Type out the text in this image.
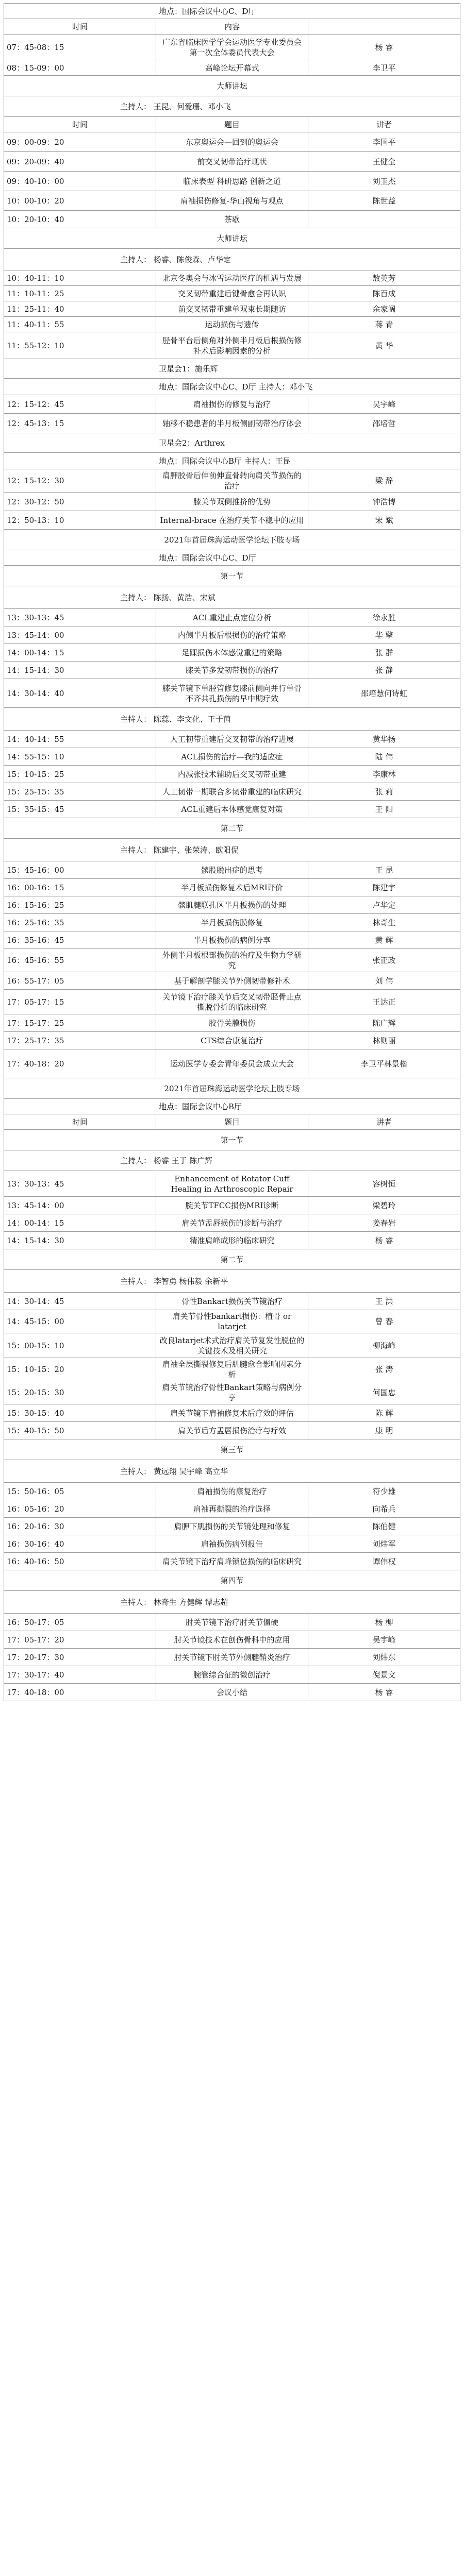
地点：国际会议中心C、D厅		
时间	内容	
07：45-08：15	广东省临床医学学会运动医学专业委员会第一次全体委员代表大会	杨 睿
08：15-09：00	高峰论坛开幕式	李卫平
大师讲坛		
主持人： 王昆、何爱珊、邓小飞		
时间	题目	讲者
09：00-09：20	东京奥运会—回到的奥运会	李国平
09：20-09：40	前交叉韧带治疗现状	王健全
09：40-10：00	临床表型 科研思路 创新之道	刘玉杰
10：00-10：20	肩袖损伤修复-华山视角与观点	陈世益
10：20-10：40	茶歇	
大师讲坛		
主持人： 杨睿、陈俊森、卢华定		
10：40-11：10	北京冬奥会与冰雪运动医疗的机遇与发展	敖英芳
11：10-11：25	交叉韧带重建后键骨愈合再认识	陈百成
11：25-11：40	前交叉韧带重建单双束长期随访	余家阔
11：40-11：55	运动损伤与遗传	蒋 青
11：55-12：10	胫骨平台后侧角对外侧半月板后根损伤修补术后影响因素的分析	黄 华
卫星会1：施乐辉		
地点：国际会议中心C、D厅 主持人：邓小飞		
12：15-12：45	肩袖损伤的修复与治疗	吴宇峰
12：45-13：15	轴移不稳患者的半月板侧副韧带治疗体会	邵培哲
卫星会2：Arthrex		
地点：国际会议中心B厅 主持人：王昆		
12：15-12：30	肩胛胶骨后伸前伸直骨转向肩关节损伤的治疗	梁 辞
12：30-12：50	膝关节双侧推挤的优势	钟浩博
12：50-13：10	Internal-brace 在治疗关节不稳中的应用	宋 斌
2021年首届珠海运动医学论坛下肢专场		
地点：国际会议中心C、D厅		
第一节		
主持人： 陈扬、黄浩、宋斌		
13：30-13：45	ACL重建止点定位分析	徐永胜
13：45-14：00	内侧半月板后根损伤的治疗策略	华 擎
14：00-14：15	足踝损伤本体感觉重建的策略	张 群
14：15-14：30	膝关节多发韧带损伤的治疗	张 静
14：30-14：40	膝关节镜下单胫管修复膝前侧向并行单骨不齐共孔损伤的早中期疗效	邵培慧何诗虹
主持人： 陈蕊、李文化、王于茵		
14：40-14：55	人工韧带重建后交叉韧带的治疗进展	黄华扬
14：55-15：10	ACL损伤的治疗—我的适应症	陆 伟
15：10-15：25	内减张技术辅助后交叉韧带重建	李康林
15：25-15：35	人工韧带一期联合多韧带重建的临床研究	张 莉
15：35-15：45	ACL重建后本体感觉康复对策	王 阳
第二节		
主持人： 陈建宇、张荣涛、欧阳侃		
15：45-16：00	髌股脱出症的思考	王 昆
16：00-16：15	半月板损伤修复术后MRI评价	陈建宇
16：15-16：25	髌肌腱联孔区半月板损伤的处理	卢华定
16：25-16：35	半月板损伤膜修复	林奇生
16：35-16：45	半月板损伤的病例分享	黄 辉
16：45-16：55	外侧半月板根部损伤的治疗及生物力学研究	张正政
16：55-17：05	基于解剖学膝关节外侧韧带修补术	刘 伟
17：05-17：15	关节镜下治疗膝关节后交叉韧带胫骨止点撕脱骨折的临床研究	王达正
17：15-17：25	胶骨关膜损伤	陈广辉
17：25-17：35	CTS综合康复治疗	林则丽
17：40-18：20	运动医学专委会青年委员会成立大会	李卫平林景楷
2021年首届珠海运动医学论坛上肢专场		
地点：国际会议中心B厅		
时间	题目	讲者
第一节		
主持人： 杨睿 王于 陈广辉		
13：30-13：45	Enhancement of Rotator Cuff Healing in Arthroscopic Repair	容树恒
13：45-14：00	腕关节TFCC损伤MRI诊断	梁碧玲
14：00-14：15	肩关节盂唇损伤的诊断与治疗	姜春岩
14：15-14：30	精准肩峰成形的临床研究	杨 睿
第二节		
主持人： 李智勇 杨伟毅 余新平		
14：30-14：45	骨性Bankart损伤关节镜治疗	王 洪
14：45-15：00	肩关节骨性bankart损伤：植骨 or latarjet	曾 春
15：00-15：10	改良latarjet术式治疗肩关节复发性脱位的关键技术及相关研究	柳海峰
15：10-15：20	肩袖全层撕裂修复后肌腱愈合影响因素分析	张 涛
15：20-15：30	肩关节镜治疗骨性Bankart策略与病例分享	何国忠
15：30-15：40	肩关节镜下肩袖修复术后疗效的评估	陈 辉
15：40-15：50	肩关节后方盂唇损伤治疗与疗效	康 明
第三节		
主持人： 黄远翔 吴宇峰 高立华		
15：50-16：05	肩袖损伤的康复治疗	符少雄
16：05-16：20	肩袖再撕裂的治疗选择	向希兵
16：20-16：30	肩胛下肌损伤的关节镜处理和修复	陈伯健
16：30-16：40	肩袖损伤病例报告	刘炜军
16：40-16：50	肩关节镜下治疗肩峰锁位损伤的临床研究	谭伟权
第四节		
主持人： 林奇生 方健辉 谭志超		
16：50-17：05	肘关节镜下治疗肘关节僵硬	杨 柳
17：05-17：20	肘关节镜技术在创伤骨科中的应用	吴宇峰
17：20-17：30	肘关节镜下肘关节外侧腱鞘炎治疗	刘炜东
17：30-17：40	腕管综合征的微创治疗	倪景文
17：40-18：00	会议小结	杨 睿
